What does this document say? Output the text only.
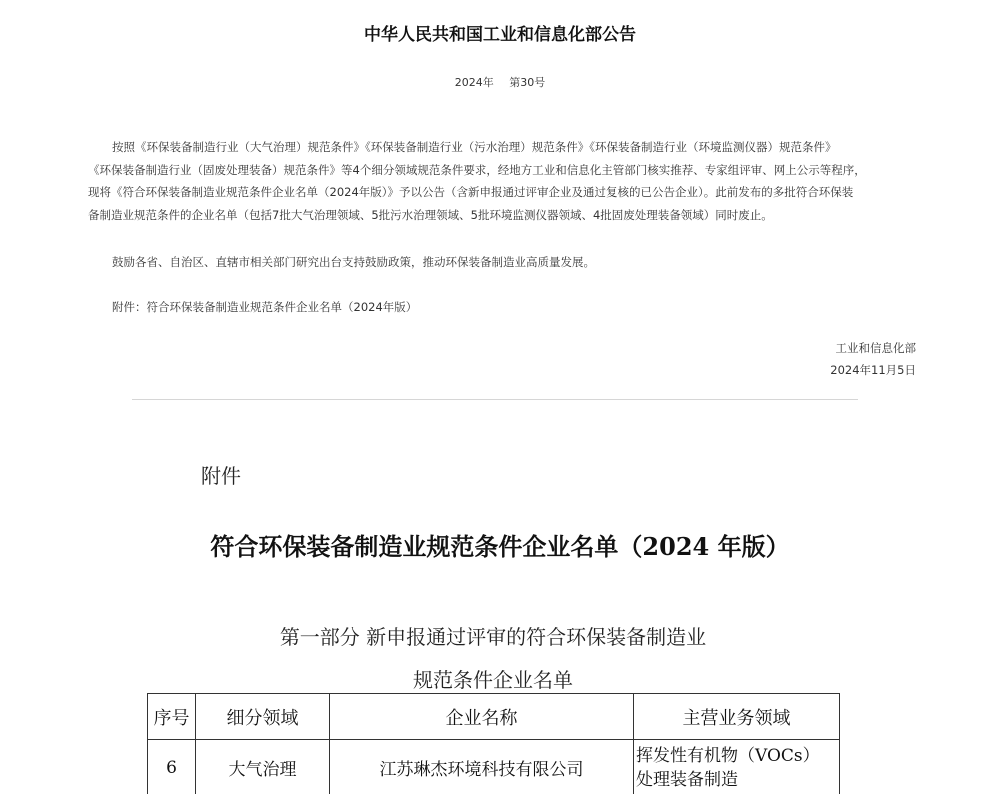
中华人民共和国工业和信息化部公告
2024年 第30号
按照《环保装备制造行业（大气治理）规范条件》《环保装备制造行业（污水治理）规范条件》《环保装备制造行业（环境监测仪器）规范条件》
《环保装备制造行业（固废处理装备）规范条件》等4个细分领域规范条件要求，经地方工业和信息化主管部门核实推荐、专家组评审、网上公示等程序，
现将《符合环保装备制造业规范条件企业名单（2024年版）》予以公告（含新申报通过评审企业及通过复核的已公告企业）。此前发布的多批符合环保装
备制造业规范条件的企业名单（包括7批大气治理领域、5批污水治理领域、5批环境监测仪器领域、4批固废处理装备领域）同时废止。
鼓励各省、自治区、直辖市相关部门研究出台支持鼓励政策，推动环保装备制造业高质量发展。
附件：符合环保装备制造业规范条件企业名单（2024年版）
工业和信息化部
2024年11月5日
附件
符合环保装备制造业规范条件企业名单（2024 年版）
第一部分 新申报通过评审的符合环保装备制造业
规范条件企业名单
序号	细分领域	企业名称	主营业务领域
6	大气治理	江苏琳杰环境科技有限公司	挥发性有机物（VOCs）
处理装备制造
